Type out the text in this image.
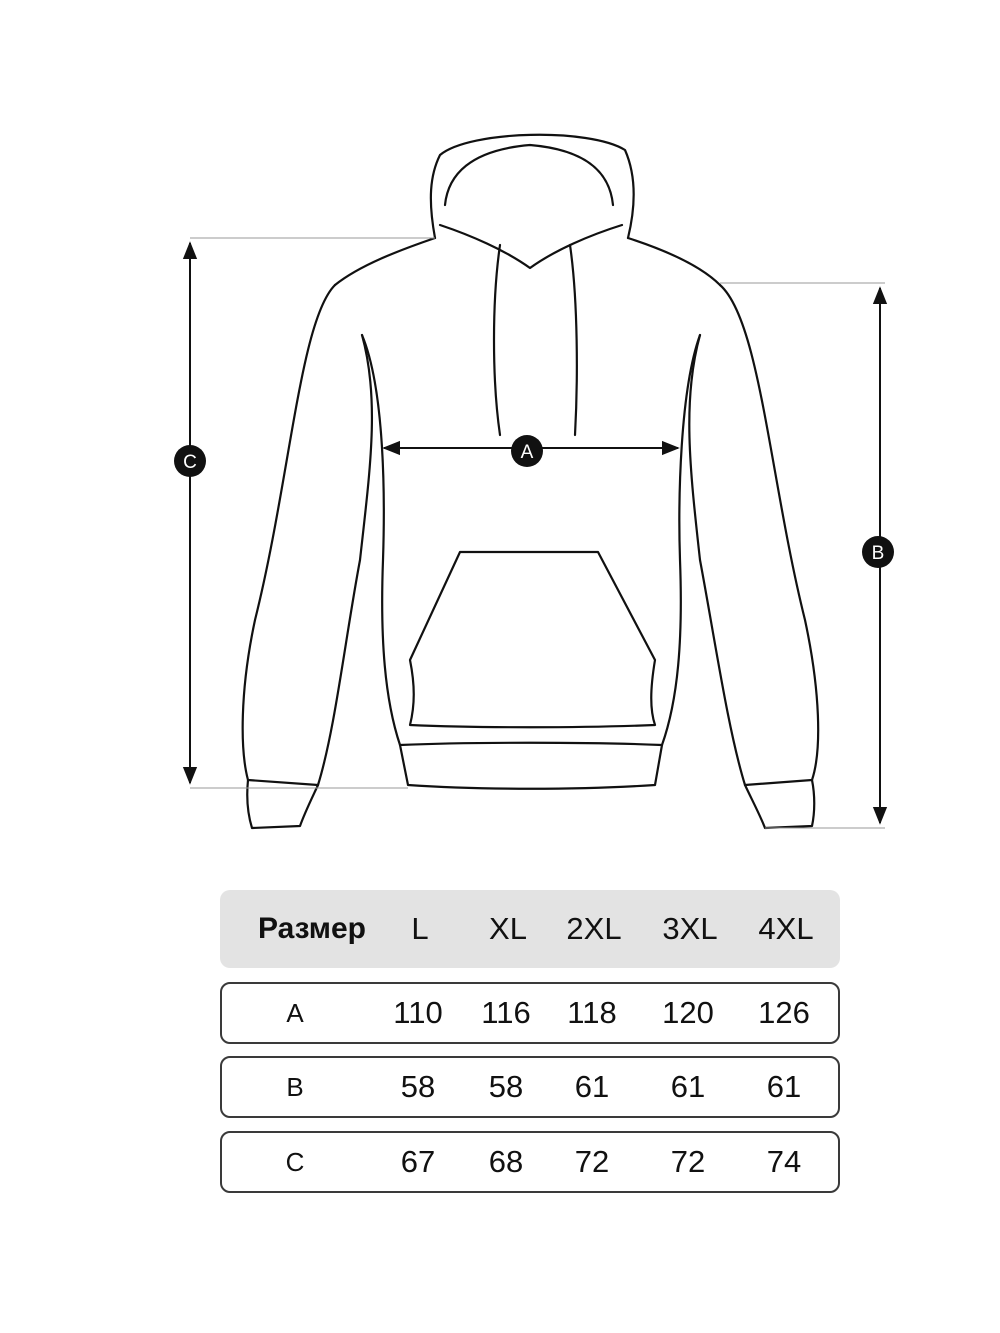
A
B
C
Размер	L	XL	2XL	3XL	4XL
A	110	116	118	120	126
B	58	58	61	61	61
C	67	68	72	72	74
